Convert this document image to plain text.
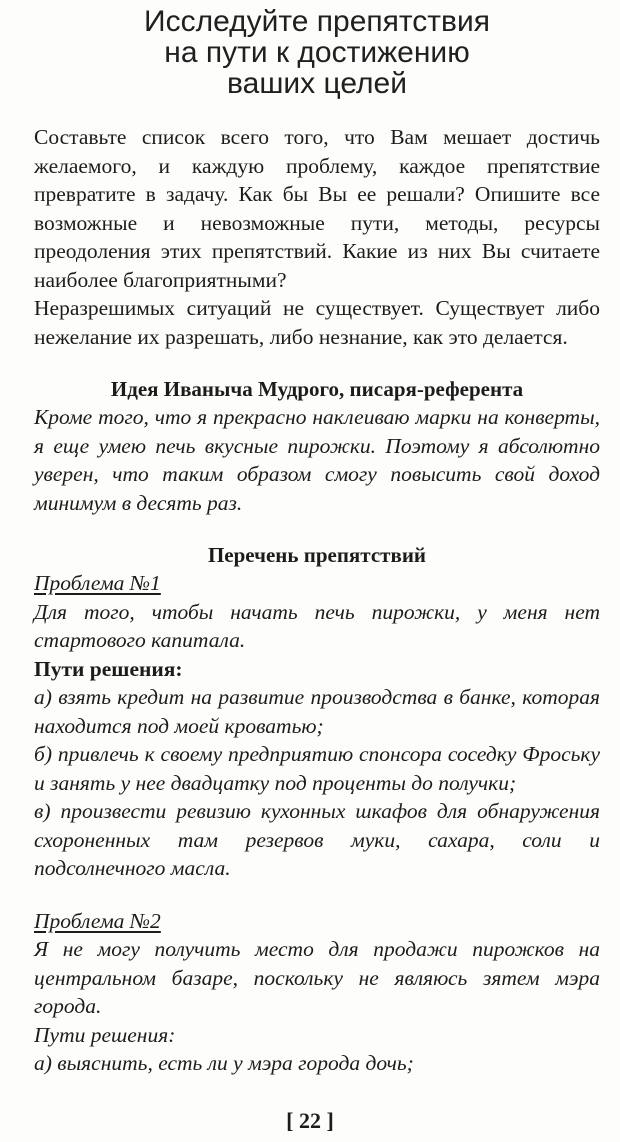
Исследуйте препятствия
на пути к достижению
ваших целей

Составьте список всего того, что Вам мешает достичь желаемого, и каждую проблему, каждое препятствие превратите в задачу. Как бы Вы ее решали? Опишите все возможные и невозможные пути, методы, ресурсы преодоления этих препятствий. Какие из них Вы считаете наиболее благоприятными?

Неразрешимых ситуаций не существует. Существует либо нежелание их разрешать, либо незнание, как это делается.

Идея Иваныча Мудрого, писаря-референта

Кроме того, что я прекрасно наклеиваю марки на конверты, я еще умею печь вкусные пирожки. Поэтому я абсолютно уверен, что таким образом смогу повысить свой доход минимум в десять раз.

Перечень препятствий

Проблема №1

Для того, чтобы начать печь пирожки, у меня нет стартового капитала.

Пути решения:

а) взять кредит на развитие производства в банке, которая находится под моей кроватью;

б) привлечь к своему предприятию спонсора соседку Фроську и занять у нее двадцатку под проценты до получки;

в) произвести ревизию кухонных шкафов для обнаружения схороненных там резервов муки, сахара, соли и подсолнечного масла.

Проблема №2

Я не могу получить место для продажи пирожков на центральном базаре, поскольку не являюсь зятем мэра города.

Пути решения:

а) выяснить, есть ли у мэра города дочь;

[ 22 ]
